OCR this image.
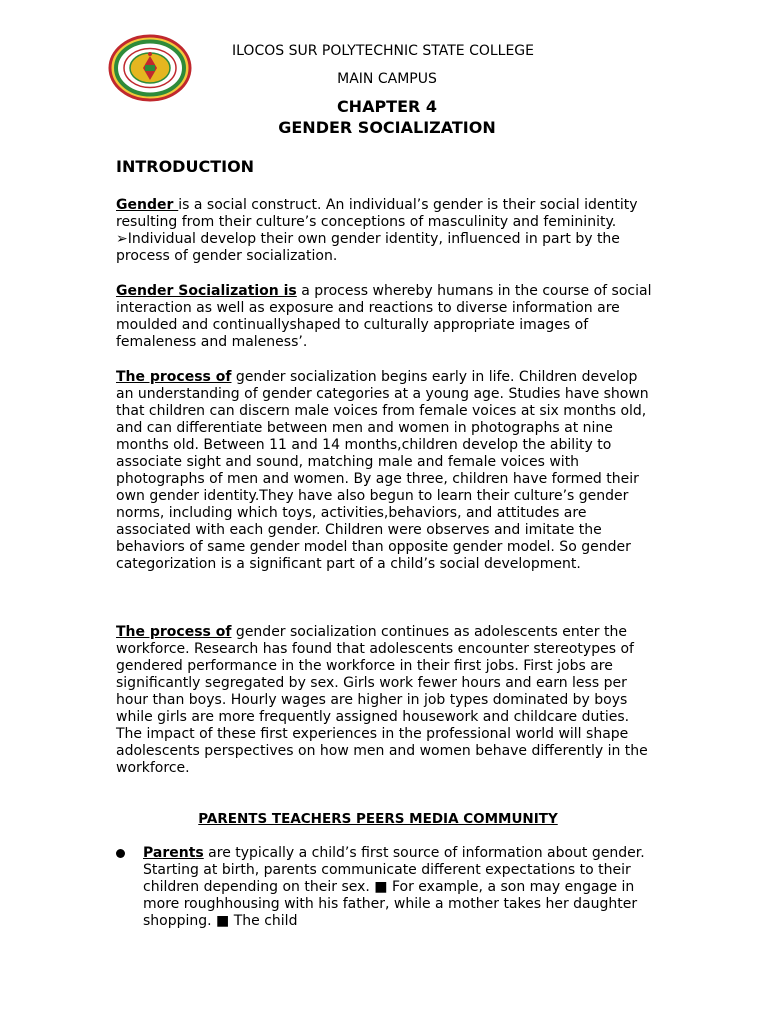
ILOCOS SUR POLYTECHNIC STATE COLLEGE
MAIN CAMPUS
CHAPTER 4
GENDER SOCIALIZATION
INTRODUCTION

Gender is a social construct. An individual’s gender is their social identity resulting from their culture’s conceptions of masculinity and femininity. ➢Individual develop their own gender identity, influenced in part by the process of gender socialization.

Gender Socialization is a process whereby humans in the course of social interaction as well as exposure and reactions to diverse information are moulded and continuallyshaped to culturally appropriate images of femaleness and maleness’.

The process of gender socialization begins early in life. Children develop an understanding of gender categories at a young age. Studies have shown that children can discern male voices from female voices at six months old, and can differentiate between men and women in photographs at nine months old. Between 11 and 14 months,children develop the ability to associate sight and sound, matching male and female voices with photographs of men and women. By age three, children have formed their own gender identity.They have also begun to learn their culture’s gender norms, including which toys, activities,behaviors, and attitudes are associated with each gender. Children were observes and imitate the behaviors of same gender model than opposite gender model. So gender categorization is a significant part of a child’s social development.

The process of gender socialization continues as adolescents enter the workforce. Research has found that adolescents encounter stereotypes of gendered performance in the workforce in their first jobs. First jobs are significantly segregated by sex. Girls work fewer hours and earn less per hour than boys. Hourly wages are higher in job types dominated by boys while girls are more frequently assigned housework and childcare duties. The impact of these first experiences in the professional world will shape adolescents perspectives on how men and women behave differently in the workforce.

PARENTS TEACHERS PEERS MEDIA COMMUNITY

Parents are typically a child’s first source of information about gender. Starting at birth, parents communicate different expectations to their children depending on their sex. ■ For example, a son may engage in more roughhousing with his father, while a mother takes her daughter shopping. ■ The child
